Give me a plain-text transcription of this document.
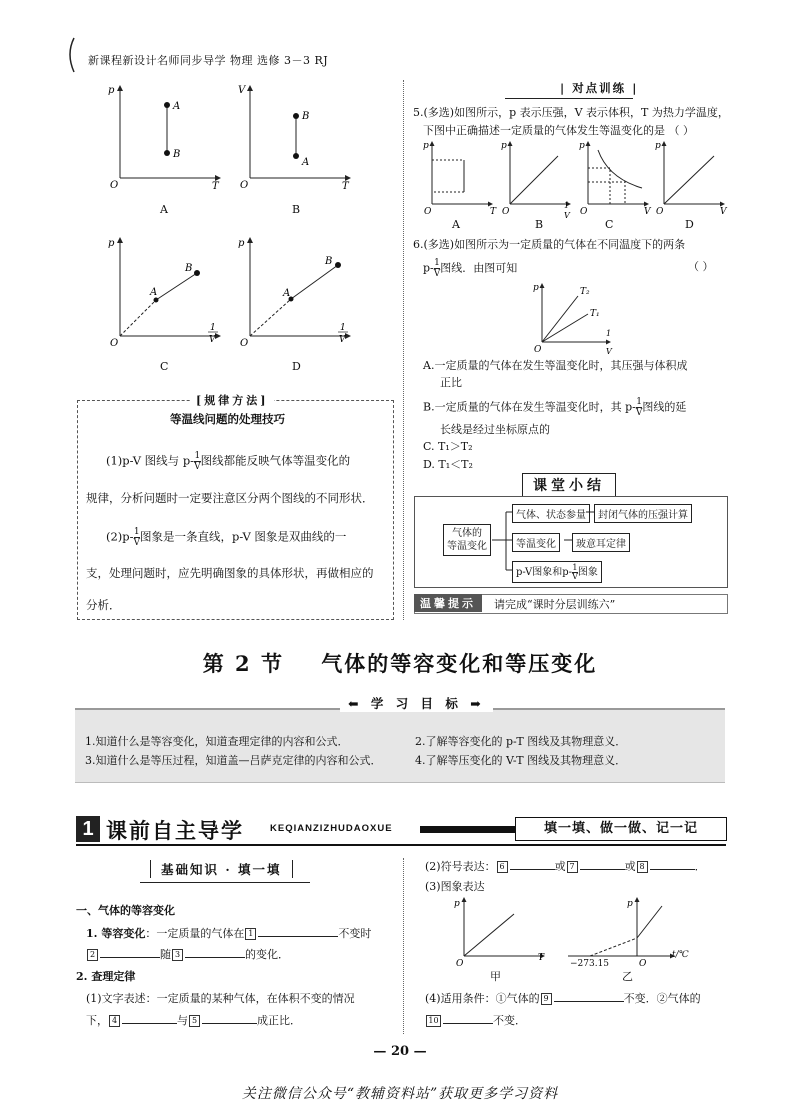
新课程新设计名师同步导学 物理 选修 3－3 RJ
p
O	T
A
B
V
O	T
B
A
p
O
1
V
A
B
p
O
1
V
A
B
A	B
C	D
[规律方法]
等温线问题的处理技巧
(1)p-V 图线与 $p- \frac{1}{V}$ 图线都能反映气体等温变化的
规律，分析问题时一定要注意区分两个图线的不同形状．
$(2)p- \frac{1}{V}$ 图象是一条直线，p-V 图象是双曲线的一
支，处理问题时，应先明确图象的具体形状，再做相应的
分析．
| 对点训练 |
5.(多选)如图所示，p 表示压强，V 表示体积，T 为热力学温度，
下图中正确描述一定质量的气体发生等温变化的是 （ ）
p
O	T
p
O
1
V
p
O	V
p
O	V
A	B	C	D
6.(多选)如图所示为一定质量的气体在不同温度下的两条
$p- \frac{1}{V}$ 图线．由图可知	（ ）
p
O
T₂
T₁
1
V
A.一定质量的气体在发生等温变化时，其压强与体积成
正比
B.一定质量的气体在发生等温变化时，其 $p- \frac{1}{V}$ 图线的延
长线是经过坐标原点的
C. T₁＞T₂
D. T₁＜T₂
课堂小结
气体的
等温变化
气体、状态参量	封闭气体的压强计算
等温变化	玻意耳定律
p-V图象和$p- \frac{1}{V}$ 图象
温馨提示	请完成“课时分层训练六”
第 2 节    气体的等容变化和等压变化
⬅ 学 习 目 标 ➡
1.知道什么是等容变化，知道查理定律的内容和公式．	2.了解等容变化的 p-T 图线及其物理意义．
3.知道什么是等压过程，知道盖—吕萨克定律的内容和公式．	4.了解等压变化的 V-T 图线及其物理意义．
1 课前自主导学	KEQIANZIZHUDAOXUE	填一填、做一做、记一记
基础知识 · 填一填
一、气体的等容变化
1. 等容变化：一定质量的气体在 1	不变时
2	随 3	的变化．
2. 查理定律
(1)文字表述：一定质量的某种气体，在体积不变的情况
下， 4	与 5	成正比．
(2)符号表达： 6	或 7	或 8	．
(3)图象表达
p
O
T
p
O
−273.15
t/℃
甲	乙
(4)适用条件：①气体的 9	不变．②气体的
10	不变．
— 20 —
关注微信公众号“教辅资料站”获取更多学习资料
